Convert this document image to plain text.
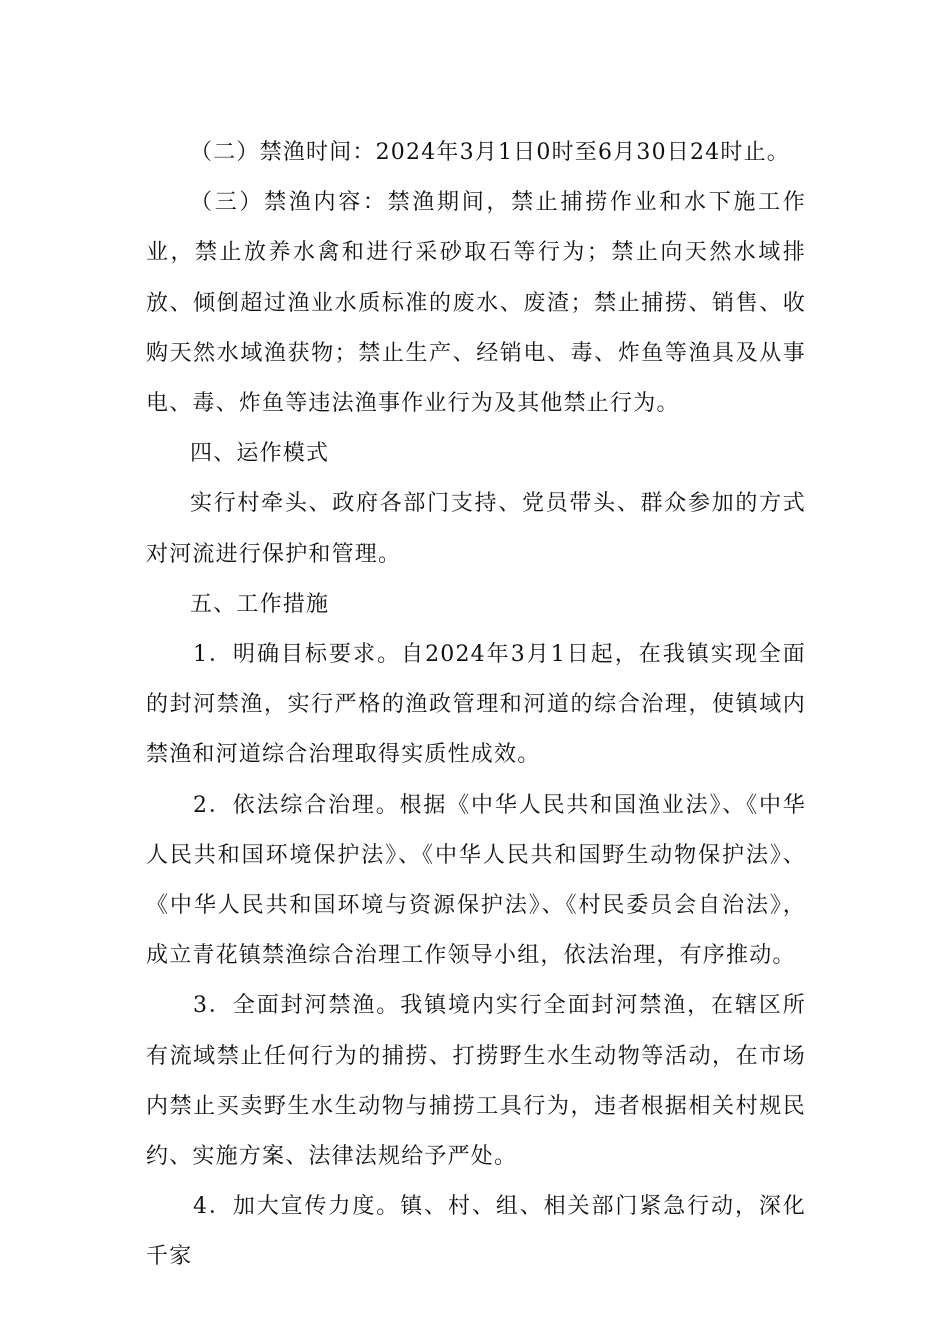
（二）禁渔时间：2024年3月1日0时至6月30日24时止。

（三）禁渔内容：禁渔期间，禁止捕捞作业和水下施工作业，禁止放养水禽和进行采砂取石等行为；禁止向天然水域排放、倾倒超过渔业水质标准的废水、废渣；禁止捕捞、销售、收购天然水域渔获物；禁止生产、经销电、毒、炸鱼等渔具及从事电、毒、炸鱼等违法渔事作业行为及其他禁止行为。

四、运作模式

实行村牵头、政府各部门支持、党员带头、群众参加的方式对河流进行保护和管理。

五、工作措施

1．明确目标要求。自2024年3月1日起，在我镇实现全面的封河禁渔，实行严格的渔政管理和河道的综合治理，使镇域内禁渔和河道综合治理取得实质性成效。

2．依法综合治理。根据《中华人民共和国渔业法》、《中华人民共和国环境保护法》、《中华人民共和国野生动物保护法》、《中华人民共和国环境与资源保护法》、《村民委员会自治法》，成立青花镇禁渔综合治理工作领导小组，依法治理，有序推动。

3．全面封河禁渔。我镇境内实行全面封河禁渔，在辖区所有流域禁止任何行为的捕捞、打捞野生水生动物等活动，在市场内禁止买卖野生水生动物与捕捞工具行为，违者根据相关村规民约、实施方案、法律法规给予严处。

4．加大宣传力度。镇、村、组、相关部门紧急行动，深化千家
